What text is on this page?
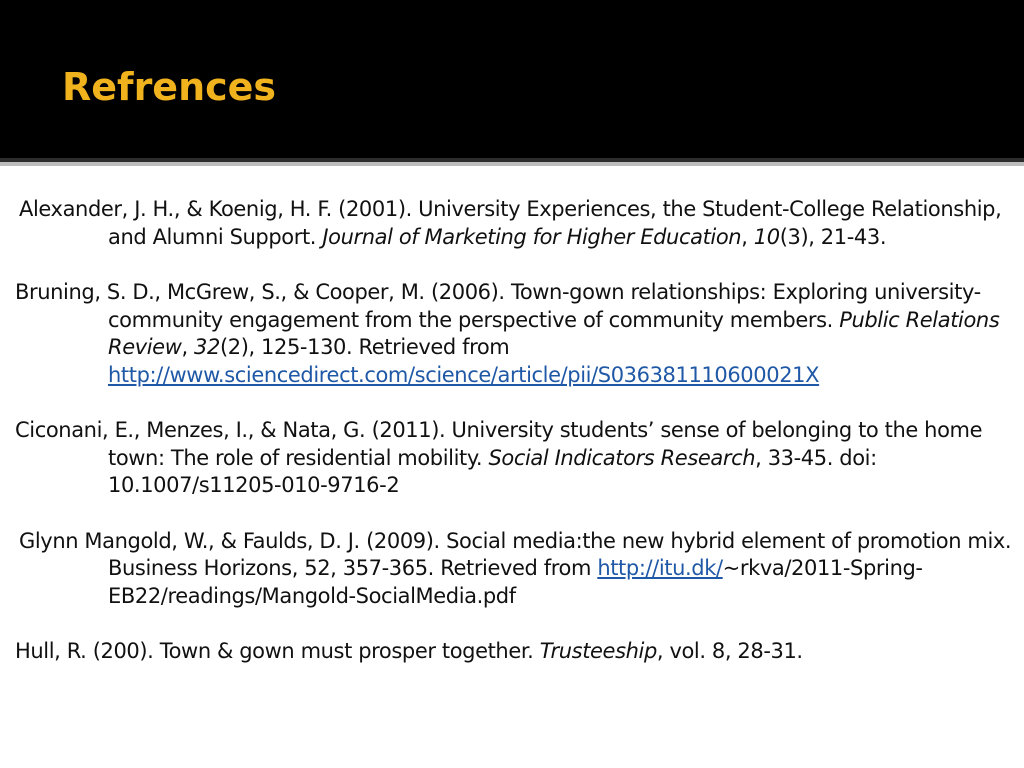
Refrences

Alexander, J. H., & Koenig, H. F. (2001). University Experiences, the Student-College Relationship, and Alumni Support. Journal of Marketing for Higher Education, 10(3), 21-43.

Bruning, S. D., McGrew, S., & Cooper, M. (2006). Town-gown relationships: Exploring university-community engagement from the perspective of community members. Public Relations Review, 32(2), 125-130. Retrieved from http://www.sciencedirect.com/science/article/pii/S036381110600021X

Ciconani, E., Menzes, I., & Nata, G. (2011). University students’ sense of belonging to the home town: The role of residential mobility. Social Indicators Research, 33-45. doi: 10.1007/s11205-010-9716-2

Glynn Mangold, W., & Faulds, D. J. (2009). Social media:the new hybrid element of promotion mix. Business Horizons, 52, 357-365. Retrieved from http://itu.dk/~rkva/2011-Spring-EB22/readings/Mangold-SocialMedia.pdf

Hull, R. (200). Town & gown must prosper together. Trusteeship, vol. 8, 28-31.
